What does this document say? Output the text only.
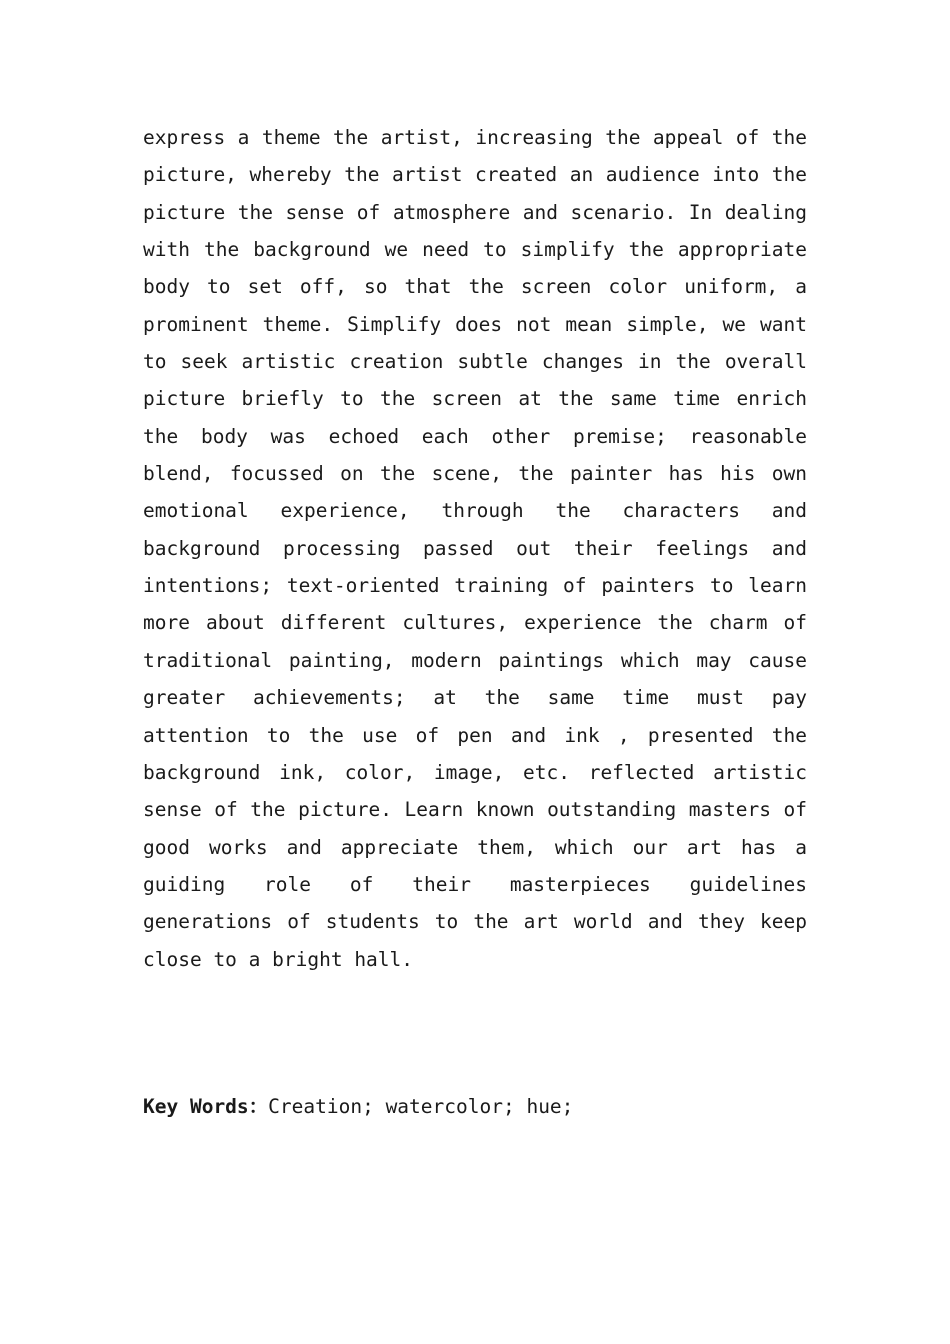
express a theme the artist, increasing the appeal of the picture, whereby the artist created an audience into the picture the sense of atmosphere and scenario. In dealing with the background we need to simplify the appropriate body to set off, so that the screen color uniform, a prominent theme. Simplify does not mean simple, we want to seek artistic creation subtle changes in the overall picture briefly to the screen at the same time enrich the body was echoed each other premise; reasonable blend, focussed on the scene, the painter has his own emotional experience, through the characters and background processing passed out their feelings and intentions; text-oriented training of painters to learn more about different cultures, experience the charm of traditional painting, modern paintings which may cause greater achievements; at the same time must pay attention to the use of pen and ink , presented the background ink, color, image, etc. reflected artistic sense of the picture. Learn known outstanding masters of good works and appreciate them, which our art has a guiding role of their masterpieces guidelines generations of students to the art world and they keep close to a bright hall.

Key Words：Creation; watercolor; hue;
